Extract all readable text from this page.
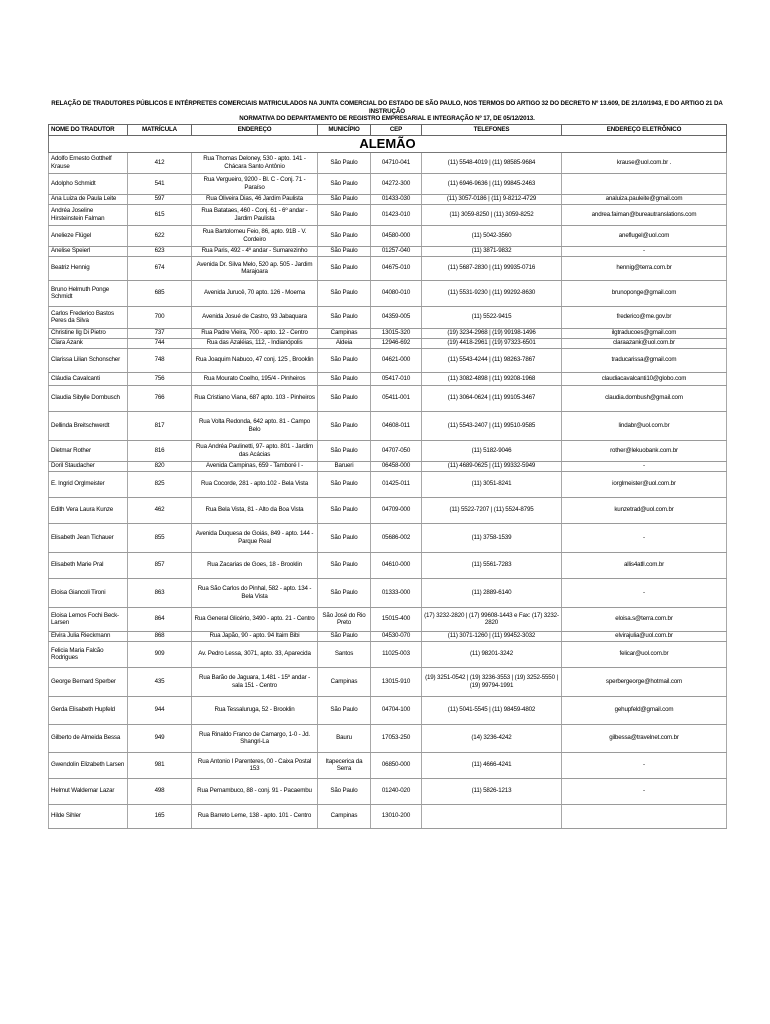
RELAÇÃO DE TRADUTORES PÚBLICOS E INTÉRPRETES COMERCIAIS MATRICULADOS NA JUNTA COMERCIAL DO ESTADO DE SÃO PAULO, NOS TERMOS DO ARTIGO 32 DO DECRETO Nº 13.609, DE 21/10/1943, E DO ARTIGO 21 DA INSTRUÇÃO
NORMATIVA DO DEPARTAMENTO DE REGISTRO EMPRESARIAL E INTEGRAÇÃO Nº 17, DE 05/12/2013.
NOME DO TRADUTOR	MATRÍCULA	ENDEREÇO	MUNICÍPIO	CEP	TELEFONES	ENDEREÇO ELETRÔNICO
ALEMÃO						
Adolfo Ernesto Gotthelf Krause	412	Rua Thomas Deloney, 530 - apto. 141 - Chácara Santo Antônio	São Paulo	04710-041	(11) 5548-4019 | (11) 98585-9684	krause@uol.com.br .
Adolpho Schmidt	541	Rua Vergueiro, 9200 - Bl. C - Conj. 71 - Paraíso	São Paulo	04272-300	(11) 6946-9636 | (11) 99845-2463	
Ana Luiza de Paula Leite	597	Rua Oliveira Dias, 46 Jardim Paulista	São Paulo	01433-030	(11) 3057-0186 | (11) 9-8212-4729	analuiza.pauleite@gmail.com
Andréa Joseline Hirsteinstein Falman	615	Rua Batataes, 460 - Conj. 61 - 6º andar - Jardim Paulista	São Paulo	01423-010	(11) 3059-8250 | (11) 3059-8252	andrea.faiman@bureautranslations.com
Anelieze Flügel	622	Rua Bartolomeu Feio, 86, apto. 91B - V. Cordeiro	São Paulo	04580-000	(11) 5042-3560	aneflugel@uol.com
Anelise Speierl	623	Rua Paris, 492 - 4º andar - Sumarezinho	São Paulo	01257-040	(11) 3871-9832	-
Beatriz Hennig	674	Avenida Dr. Silva Melo, 520 ap. 505 - Jardim Marajoara	São Paulo	04675-010	(11) 5687-2830 | (11) 99935-0716	hennig@terra.com.br
Bruno Helmuth Ponge Schmidt	685	Avenida Jurucê, 70 apto. 126 - Moema	São Paulo	04080-010	(11) 5531-9230 | (11) 99292-8630	brunoponge@gmail.com
Carlos Frederico Bastos Peres da Silva	700	Avenida Josué de Castro, 93 Jabaquara	São Paulo	04359-005	(11) 5522-9415	frederico@me.gov.br
Christine Ilg Di Pietro	737	Rua Padre Vieira, 700 - apto. 12 - Centro	Campinas	13015-320	(19) 3234-2968 | (19) 99198-1496	ilgtraducoes@gmail.com
Clara Azank	744	Rua das Azaléias, 112, - Indianópolis	Aldeia	12946-692	(19) 4418-2961 | (19) 97323-6501	claraazank@uol.com.br
Clarissa Lilian Schonscher	748	Rua Joaquim Nabuco, 47 conj. 125 , Brooklin	São Paulo	04621-000	(11) 5543-4244 | (11) 98263-7867	traducarissa@gmail.com
Cláudia Cavalcanti	756	Rua Mourato Coelho, 195/4 - Pinheiros	São Paulo	05417-010	(11) 3082-4898 | (11) 99208-1968	claudiacavalcanti10@globo.com
Claudia Sibylle Dornbusch	766	Rua Cristiano Viana, 687 apto. 103 - Pinheiros	São Paulo	05411-001	(11) 3064-0624 | (11) 99105-3467	claudia.dornbush@gmail.com
Dellinda Breitschwerdt	817	Rua Volta Redonda, 642 apto. 81 - Campo Belo	São Paulo	04608-011	(11) 5543-2407 | (11) 99510-9585	lindabr@uol.com.br
Dietmar Rother	816	Rua Andréa Paulinetti, 97- apto. 801 - Jardim das Acácias	São Paulo	04707-050	(11) 5182-9046	rother@lekuobank.com.br
Doril Staudacher	820	Avenida Campinas, 659 - Tamboré I -	Barueri	06458-000	(11) 4689-0625 | (11) 99332-5949	-
E. Ingrid Orglmeister	825	Rua Cocorde, 281 - apto.102 - Bela Vista	São Paulo	01425-011	(11) 3051-8241	iorglmeister@uol.com.br
Edith Vera Laura Kunze	462	Rua Bela Vista, 81 - Alto da Boa Vista	São Paulo	04709-000	(11) 5522-7207 | (11) 5524-8795	kunzetrad@uol.com.br
Elisabeth Jean Tichauer	855	Avenida Duquesa de Goiás, 849 - apto. 144 - Parque Real	São Paulo	05686-002	(11) 3758-1539	-
Elisabeth Marie Pral	857	Rua Zacarias de Goes, 18 - Brooklin	São Paulo	04610-000	(11) 5561-7283	allis4atll.com.br
Eloisa Giancoli Tironi	863	Rua São Carlos do Pinhal, 582 - apto. 134 - Bela Vista	São Paulo	01333-000	(11) 2889-6140	-
Eloisa Lemos Fochi Beck-Larsen	864	Rua General Glicério, 3490 - apto. 21 - Centro	São José do Rio Preto	15015-400	(17) 3232-2820 | (17) 99608-1443 e Fax: (17) 3232-2820	eloisa.s@terra.com.br
Elvira Julia Rieckmann	868	Rua Japão, 90 - apto. 94 Itaim Bibi	São Paulo	04530-070	(11) 3071-1260 | (11) 99452-3032	elvirajulia@uol.com.br
Felicia Maria Falcão Rodrigues	909	Av. Pedro Lessa, 3071, apto. 33, Aparecida	Santos	11025-003	(11) 98201-3242	felicar@uol.com.br
George Bernard Sperber	435	Rua Barão de Jaguara, 1.481 - 15º andar - sala 151 - Centro	Campinas	13015-910	(19) 3251-0542 | (19) 3236-3553 | (19) 3252-5550 | (19) 99794-1991	sperbergeorge@hotmail.com
Gerda Elisabeth Hupfeld	944	Rua Tessaluruga, 52 - Brooklin	São Paulo	04704-100	(11) 5041-5545 | (11) 98459-4802	gehupfeld@gmail.com
Gilberto de Almeida Bessa	949	Rua Rinaldo Franco de Camargo, 1-0 - Jd. Shangri-La	Bauru	17053-250	(14) 3236-4242	gilbessa@travelnet.com.br
Gwendolin Elizabeth Larsen	981	Rua Antonio I Parenteres, 00 - Caixa Postal 153	Itapecerica da Serra	06850-000	(11) 4666-4241	-
Helmut Waldemar Lazar	498	Rua Pernambuco, 88 - conj. 91 - Pacaembu	São Paulo	01240-020	(11) 5826-1213	-
Hilde Sihler	165	Rua Barreto Leme, 138 - apto. 101 - Centro	Campinas	13010-200		
